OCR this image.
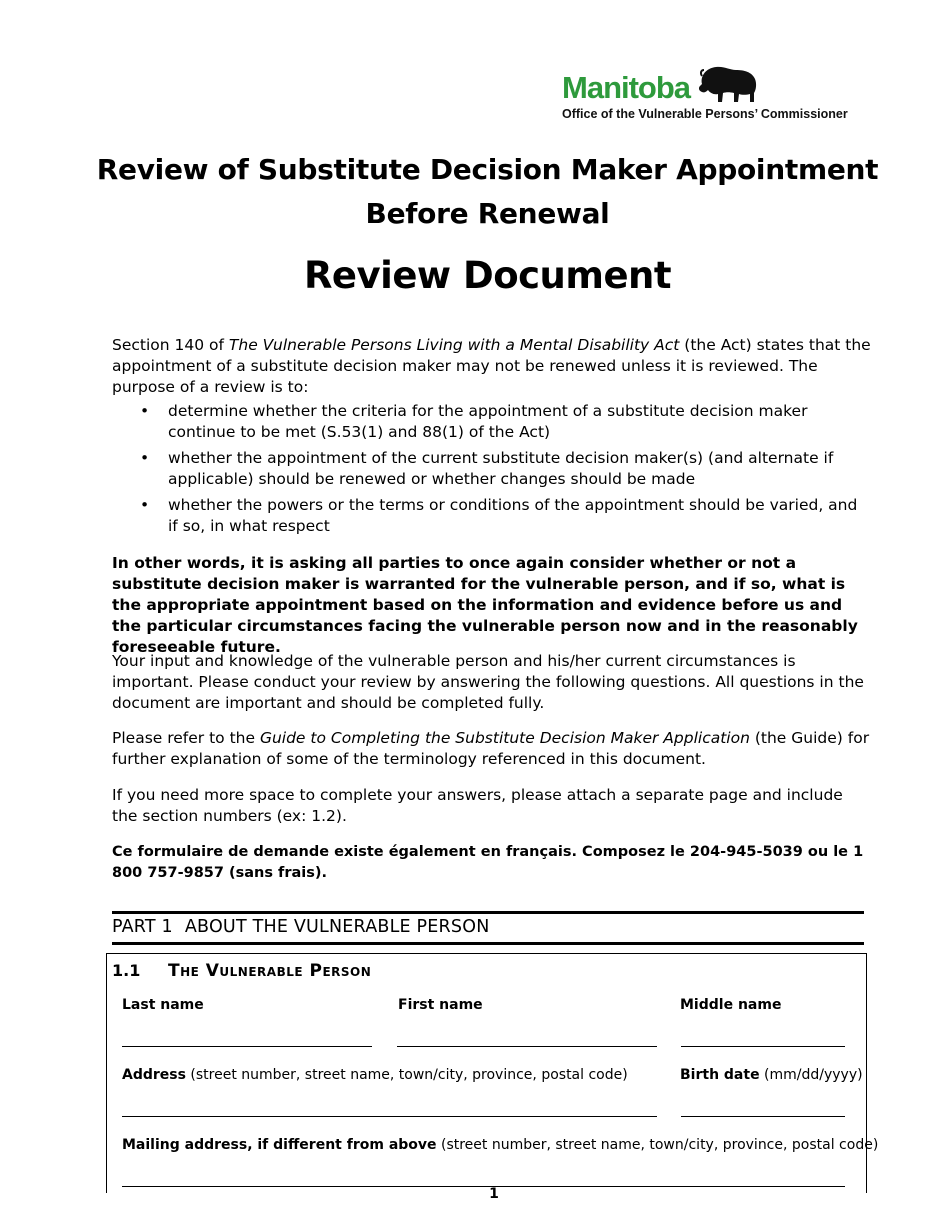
Manitoba
Office of the Vulnerable Persons’ Commissioner
Review of Substitute Decision Maker Appointment
Before Renewal
Review Document

Section 140 of The Vulnerable Persons Living with a Mental Disability Act (the Act) states that the appointment of a substitute decision maker may not be renewed unless it is reviewed. The purpose of a review is to:

• determine whether the criteria for the appointment of a substitute decision maker continue to be met (S.53(1) and 88(1) of the Act)
• whether the appointment of the current substitute decision maker(s) (and alternate if applicable) should be renewed or whether changes should be made
• whether the powers or the terms or conditions of the appointment should be varied, and if so, in what respect

In other words, it is asking all parties to once again consider whether or not a substitute decision maker is warranted for the vulnerable person, and if so, what is the appropriate appointment based on the information and evidence before us and the particular circumstances facing the vulnerable person now and in the reasonably foreseeable future.

Your input and knowledge of the vulnerable person and his/her current circumstances is important. Please conduct your review by answering the following questions. All questions in the document are important and should be completed fully.

Please refer to the Guide to Completing the Substitute Decision Maker Application (the Guide) for further explanation of some of the terminology referenced in this document.

If you need more space to complete your answers, please attach a separate page and include the section numbers (ex: 1.2).

Ce formulaire de demande existe également en français. Composez le 204-945-5039 ou le 1 800 757-9857 (sans frais).

PART 1 ABOUT THE VULNERABLE PERSON
1.1 The Vulnerable Person
Last name	First name	Middle name
Address (street number, street name, town/city, province, postal code)	Birth date (mm/dd/yyyy)
Mailing address, if different from above (street number, street name, town/city, province, postal code)
1
